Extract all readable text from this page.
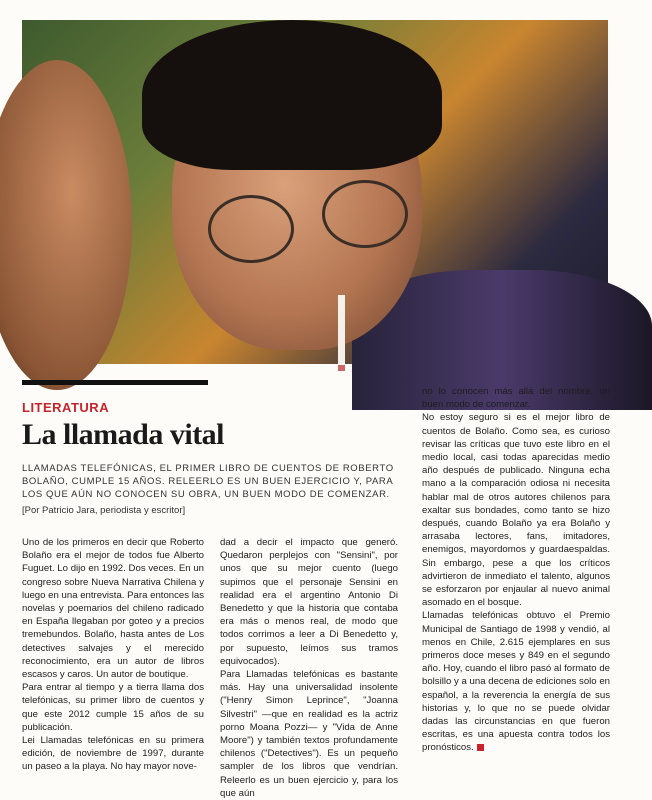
LITERATURA
La llamada vital
LLAMADAS TELEFÓNICAS, EL PRIMER LIBRO DE CUENTOS DE ROBERTO BOLAÑO, CUMPLE 15 AÑOS. RELEERLO ES UN BUEN EJERCICIO Y, PARA LOS QUE AÚN NO CONOCEN SU OBRA, UN BUEN MODO DE COMENZAR.
[Por Patricio Jara, periodista y escritor]

Uno de los primeros en decir que Roberto Bolaño era el mejor de todos fue Alberto Fuguet. Lo dijo en 1992. Dos veces. En un congreso sobre Nueva Narrativa Chilena y luego en una entrevista. Para entonces las novelas y poemarios del chileno radicado en España llegaban por goteo y a precios tremebundos. Bolaño, hasta antes de Los detectives salvajes y el merecido reconocimiento, era un autor de libros escasos y caros. Un autor de boutique.

Para entrar al tiempo y a tierra llama dos telefónicas, su primer libro de cuentos y que este 2012 cumple 15 años de su publicación.

Lei Llamadas telefónicas en su primera edición, de noviembre de 1997, durante un paseo a la playa. No hay mayor nove-

dad a decir el impacto que generó. Quedaron perplejos con "Sensini", por unos que su mejor cuento (luego supimos que el personaje Sensini en realidad era el argentino Antonio Di Benedetto y que la historia que contaba era más o menos real, de modo que todos corrimos a leer a Di Benedetto y, por supuesto, leímos sus tramos equivocados).

Para Llamadas telefónicas es bastante más. Hay una universalidad insolente ("Henry Simon Leprince", "Joanna Silvestri" —que en realidad es la actriz porno Moana Pozzi— y "Vida de Anne Moore") y también textos profundamente chilenos ("Detectives"). Es un pequeño sampler de los libros que vendrían. Releerlo es un buen ejercicio y, para los que aún

no lo conocen más allá del nombre, un buen modo de comenzar.

No estoy seguro si es el mejor libro de cuentos de Bolaño. Como sea, es curioso revisar las críticas que tuvo este libro en el medio local, casi todas aparecidas medio año después de publicado. Ninguna echa mano a la comparación odiosa ni necesita hablar mal de otros autores chilenos para exaltar sus bondades, como tanto se hizo después, cuando Bolaño ya era Bolaño y arrasaba lectores, fans, imitadores, enemigos, mayordomos y guardaespaldas. Sin embargo, pese a que los críticos advirtieron de inmediato el talento, algunos se esforzaron por enjaular al nuevo animal asomado en el bosque.

Llamadas telefónicas obtuvo el Premio Municipal de Santiago de 1998 y vendió, al menos en Chile, 2.615 ejemplares en sus primeros doce meses y 849 en el segundo año. Hoy, cuando el libro pasó al formato de bolsillo y a una decena de ediciones solo en español, a la reverencia la energía de sus historias y, lo que no se puede olvidar dadas las circunstancias en que fueron escritas, es una apuesta contra todos los pronósticos.
